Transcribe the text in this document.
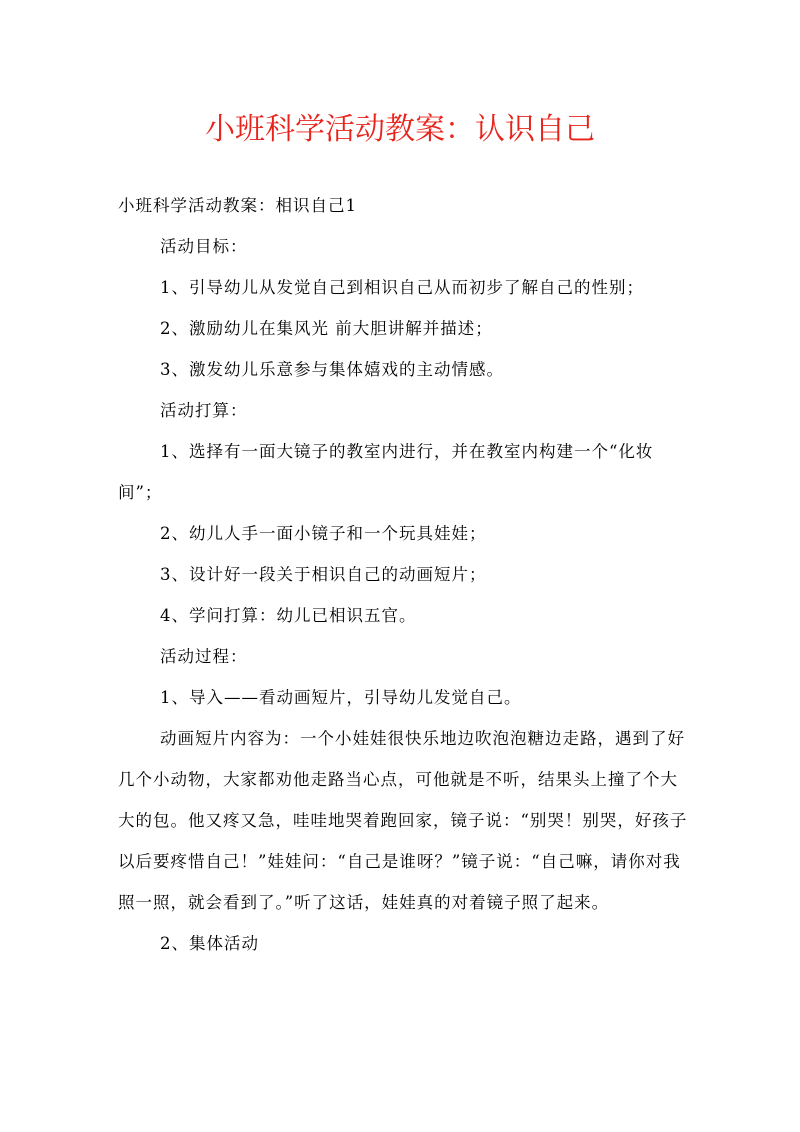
小班科学活动教案：认识自己

小班科学活动教案：相识自己1

活动目标：

1、引导幼儿从发觉自己到相识自己从而初步了解自己的性别；

2、激励幼儿在集风光 前大胆讲解并描述；

3、激发幼儿乐意参与集体嬉戏的主动情感。

活动打算：

1、选择有一面大镜子的教室内进行，并在教室内构建一个“化妆间”；

2、幼儿人手一面小镜子和一个玩具娃娃；

3、设计好一段关于相识自己的动画短片；

4、学问打算：幼儿已相识五官。

活动过程：

1、导入——看动画短片，引导幼儿发觉自己。

动画短片内容为：一个小娃娃很快乐地边吹泡泡糖边走路，遇到了好几个小动物，大家都劝他走路当心点，可他就是不听，结果头上撞了个大大的包。他又疼又急，哇哇地哭着跑回家，镜子说：“别哭！别哭，好孩子以后要疼惜自己！”娃娃问：“自己是谁呀？”镜子说：“自己嘛，请你对我照一照，就会看到了。”听了这话，娃娃真的对着镜子照了起来。

2、集体活动
